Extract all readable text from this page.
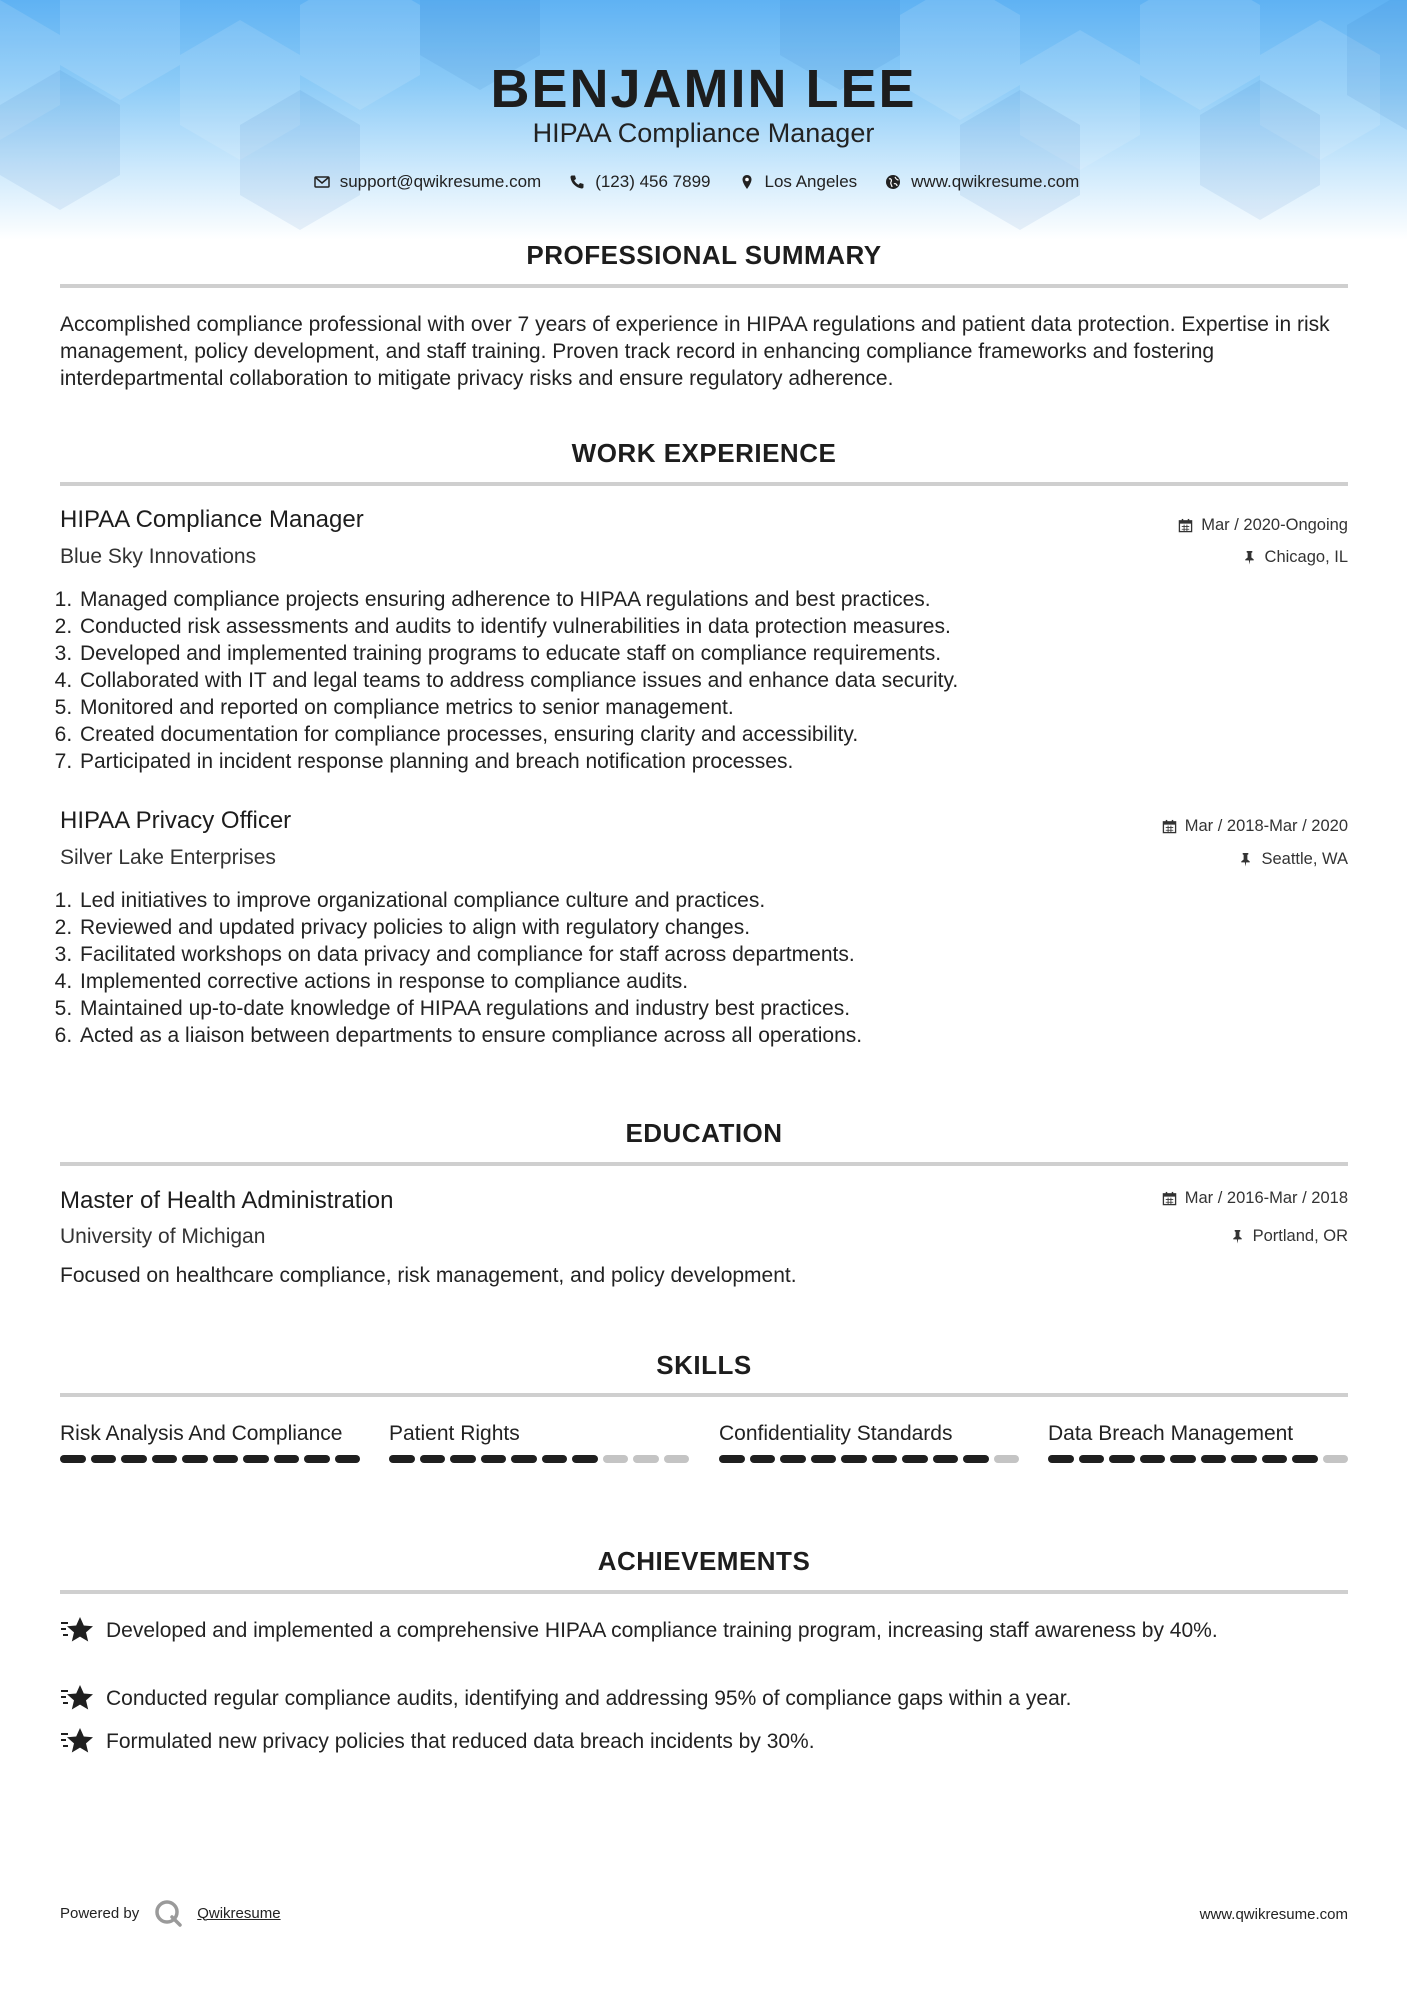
BENJAMIN LEE
HIPAA Compliance Manager
support@qwikresume.com	(123) 456 7899	Los Angeles	www.qwikresume.com
PROFESSIONAL SUMMARY
Accomplished compliance professional with over 7 years of experience in HIPAA regulations and patient data protection. Expertise in risk management, policy development, and staff training. Proven track record in enhancing compliance frameworks and fostering interdepartmental collaboration to mitigate privacy risks and ensure regulatory adherence.
WORK EXPERIENCE
HIPAA Compliance Manager	Mar / 2020-Ongoing
Blue Sky Innovations	Chicago, IL
1. Managed compliance projects ensuring adherence to HIPAA regulations and best practices.
2. Conducted risk assessments and audits to identify vulnerabilities in data protection measures.
3. Developed and implemented training programs to educate staff on compliance requirements.
4. Collaborated with IT and legal teams to address compliance issues and enhance data security.
5. Monitored and reported on compliance metrics to senior management.
6. Created documentation for compliance processes, ensuring clarity and accessibility.
7. Participated in incident response planning and breach notification processes.
HIPAA Privacy Officer	Mar / 2018-Mar / 2020
Silver Lake Enterprises	Seattle, WA
1. Led initiatives to improve organizational compliance culture and practices.
2. Reviewed and updated privacy policies to align with regulatory changes.
3. Facilitated workshops on data privacy and compliance for staff across departments.
4. Implemented corrective actions in response to compliance audits.
5. Maintained up-to-date knowledge of HIPAA regulations and industry best practices.
6. Acted as a liaison between departments to ensure compliance across all operations.
EDUCATION
Master of Health Administration	Mar / 2016-Mar / 2018
University of Michigan	Portland, OR
Focused on healthcare compliance, risk management, and policy development.
SKILLS
Risk Analysis And Compliance	Patient Rights	Confidentiality Standards	Data Breach Management
ACHIEVEMENTS
Developed and implemented a comprehensive HIPAA compliance training program, increasing staff awareness by 40%.
Conducted regular compliance audits, identifying and addressing 95% of compliance gaps within a year.
Formulated new privacy policies that reduced data breach incidents by 30%.
Powered by	Qwikresume	www.qwikresume.com
